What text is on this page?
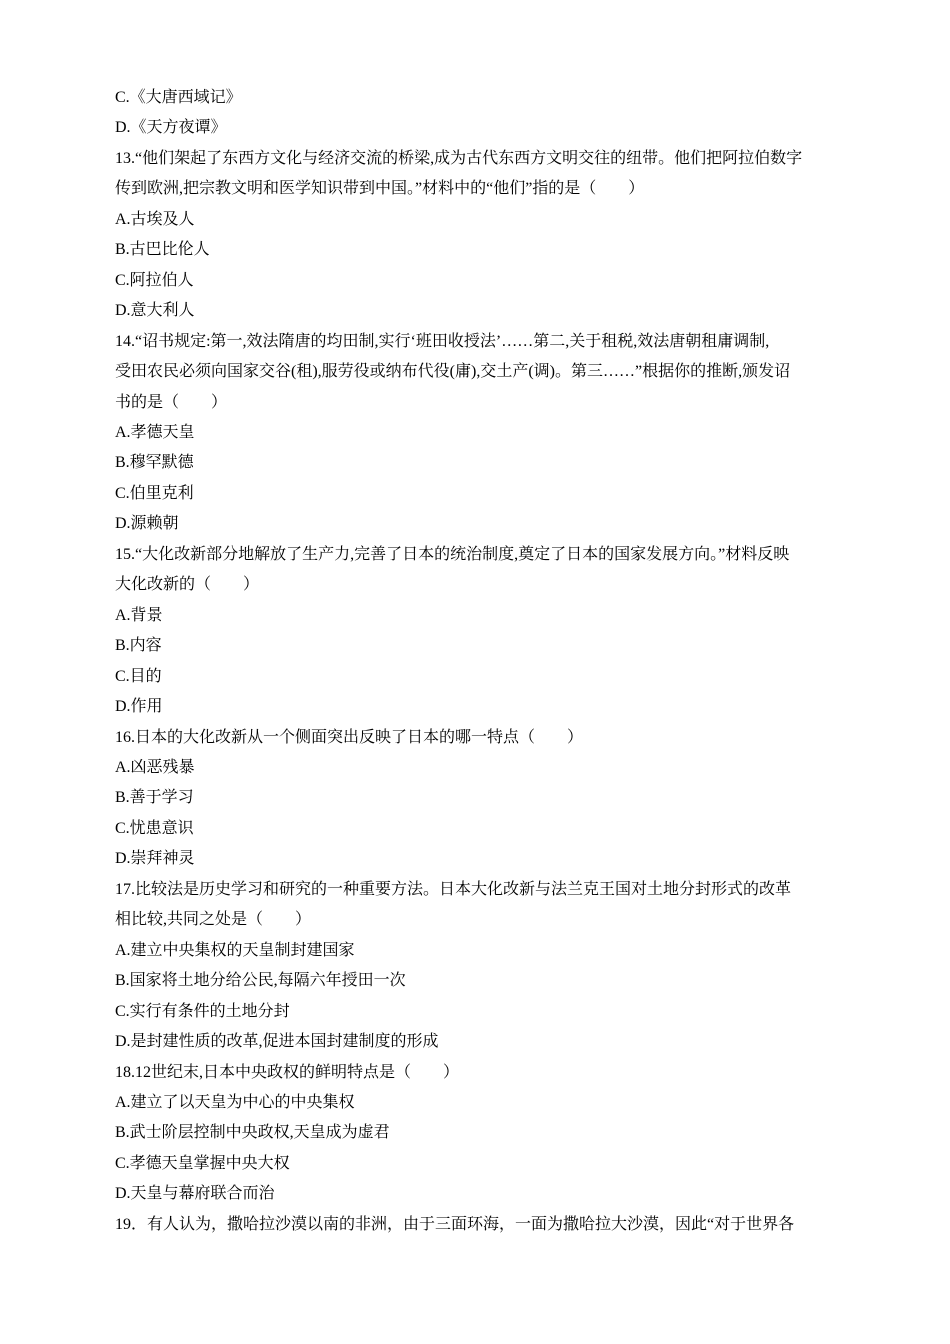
C.《大唐西域记》
D.《天方夜谭》
13.“他们架起了东西方文化与经济交流的桥梁,成为古代东西方文明交往的纽带。他们把阿拉伯数字
传到欧洲,把宗教文明和医学知识带到中国。”材料中的“他们”指的是（　　）
A.古埃及人
B.古巴比伦人
C.阿拉伯人
D.意大利人
14.“诏书规定:第一,效法隋唐的均田制,实行‘班田收授法’……第二,关于租税,效法唐朝租庸调制,
受田农民必须向国家交谷(租),服劳役或纳布代役(庸),交土产(调)。第三……”根据你的推断,颁发诏
书的是（　　）
A.孝德天皇
B.穆罕默德
C.伯里克利
D.源赖朝
15.“大化改新部分地解放了生产力,完善了日本的统治制度,奠定了日本的国家发展方向。”材料反映
大化改新的（　　）
A.背景
B.内容
C.目的
D.作用
16.日本的大化改新从一个侧面突出反映了日本的哪一特点（　　）
A.凶恶残暴
B.善于学习
C.忧患意识
D.崇拜神灵
17.比较法是历史学习和研究的一种重要方法。日本大化改新与法兰克王国对土地分封形式的改革
相比较,共同之处是（　　）
A.建立中央集权的天皇制封建国家
B.国家将土地分给公民,每隔六年授田一次
C.实行有条件的土地分封
D.是封建性质的改革,促进本国封建制度的形成
18.12世纪末,日本中央政权的鲜明特点是（　　）
A.建立了以天皇为中心的中央集权
B.武士阶层控制中央政权,天皇成为虚君
C.孝德天皇掌握中央大权
D.天皇与幕府联合而治
19．有人认为，撒哈拉沙漠以南的非洲，由于三面环海，一面为撒哈拉大沙漠，因此“对于世界各
